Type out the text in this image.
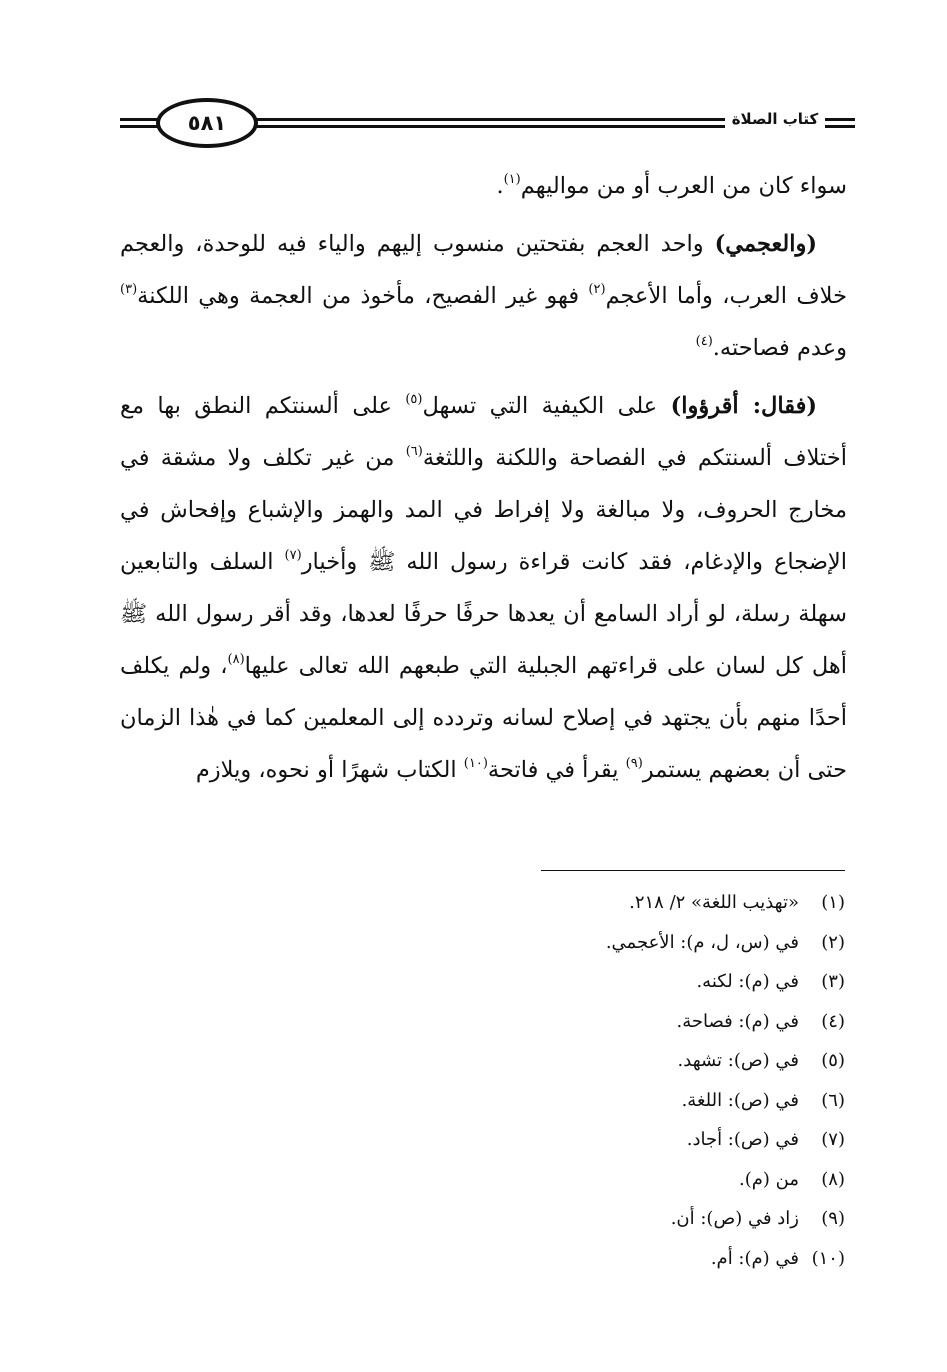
٥٨١	كتاب الصلاة

سواء كان من العرب أو من مواليهم$^{(١)}$.

(والعجمي) واحد العجم بفتحتين منسوب إليهم والياء فيه للوحدة، والعجم خلاف العرب، وأما الأعجم$^{(٢)}$ فهو غير الفصيح، مأخوذ من العجمة وهي اللكنة$^{(٣)}$ وعدم فصاحته.$^{(٤)}$

(فقال: أقرؤوا) على الكيفية التي تسهل$^{(٥)}$ على ألسنتكم النطق بها مع أختلاف ألسنتكم في الفصاحة واللكنة واللثغة$^{(٦)}$ من غير تكلف ولا مشقة في مخارج الحروف، ولا مبالغة ولا إفراط في المد والهمز والإشباع وإفحاش في الإضجاع والإدغام، فقد كانت قراءة رسول الله ﷺ وأخيار$^{(٧)}$ السلف والتابعين سهلة رسلة، لو أراد السامع أن يعدها حرفًا حرفًا لعدها، وقد أقر رسول الله ﷺ أهل كل لسان على قراءتهم الجبلية التي طبعهم الله تعالى عليها$^{(٨)}$، ولم يكلف أحدًا منهم بأن يجتهد في إصلاح لسانه وتردده إلى المعلمين كما في هٰذا الزمان حتى أن بعضهم يستمر$^{(٩)}$ يقرأ في فاتحة$^{(١٠)}$ الكتاب شهرًا أو نحوه، ويلازم

(١)
«تهذيب اللغة» ٢/ ٢١٨.
(٢)
في (س، ل، م): الأعجمي.
(٣)
في (م): لكنه.
(٤)
في (م): فصاحة.
(٥)
في (ص): تشهد.
(٦)
في (ص): اللغة.
(٧)
في (ص): أجاد.
(٨)
من (م).
(٩)
زاد في (ص): أن.
(١٠)
في (م): أم.
